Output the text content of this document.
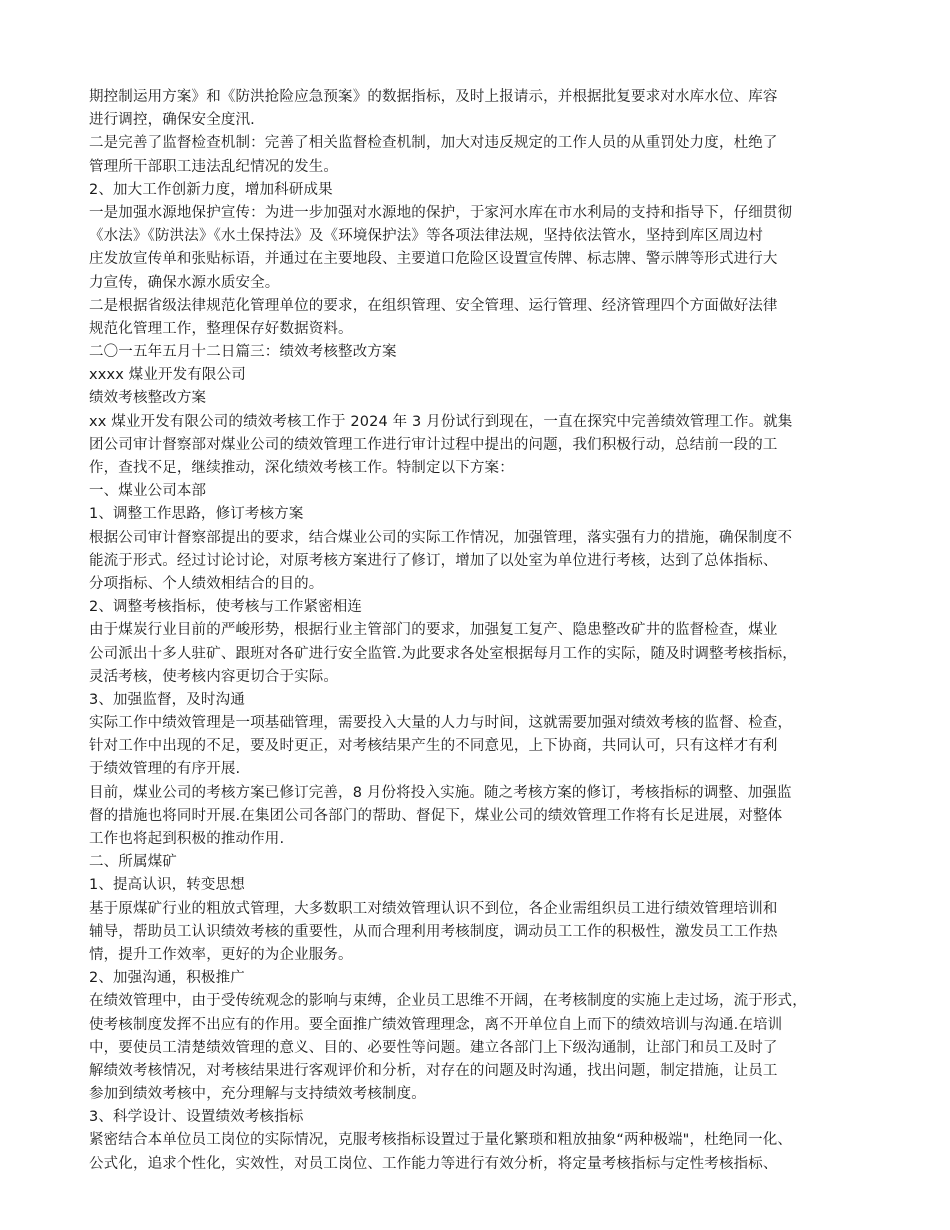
期控制运用方案》和《防洪抢险应急预案》的数据指标，及时上报请示，并根据批复要求对水库水位、库容
进行调控，确保安全度汛.
二是完善了监督检查机制：完善了相关监督检查机制，加大对违反规定的工作人员的从重罚处力度，杜绝了
管理所干部职工违法乱纪情况的发生。
2、加大工作创新力度，增加科研成果
一是加强水源地保护宣传：为进一步加强对水源地的保护，于家河水库在市水利局的支持和指导下，仔细贯彻
《水法》《防洪法》《水土保持法》及《环境保护法》等各项法律法规，坚持依法管水，坚持到库区周边村
庄发放宣传单和张贴标语，并通过在主要地段、主要道口危险区设置宣传牌、标志牌、警示牌等形式进行大
力宣传，确保水源水质安全。
二是根据省级法律规范化管理单位的要求，在组织管理、安全管理、运行管理、经济管理四个方面做好法律
规范化管理工作，整理保存好数据资料。
二〇一五年五月十二日篇三：绩效考核整改方案
xxxx 煤业开发有限公司
绩效考核整改方案
xx 煤业开发有限公司的绩效考核工作于 2024 年 3 月份试行到现在，一直在探究中完善绩效管理工作。就集
团公司审计督察部对煤业公司的绩效管理工作进行审计过程中提出的问题，我们积极行动，总结前一段的工
作，查找不足，继续推动，深化绩效考核工作。特制定以下方案：
一、煤业公司本部
1、调整工作思路，修订考核方案
根据公司审计督察部提出的要求，结合煤业公司的实际工作情况，加强管理，落实强有力的措施，确保制度不
能流于形式。经过讨论讨论，对原考核方案进行了修订，增加了以处室为单位进行考核，达到了总体指标、
分项指标、个人绩效相结合的目的。
2、调整考核指标，使考核与工作紧密相连
由于煤炭行业目前的严峻形势，根据行业主管部门的要求，加强复工复产、隐患整改矿井的监督检查，煤业
公司派出十多人驻矿、跟班对各矿进行安全监管.为此要求各处室根据每月工作的实际，随及时调整考核指标，
灵活考核，使考核内容更切合于实际。
3、加强监督，及时沟通
实际工作中绩效管理是一项基础管理，需要投入大量的人力与时间，这就需要加强对绩效考核的监督、检查，
针对工作中出现的不足，要及时更正，对考核结果产生的不同意见，上下协商，共同认可，只有这样才有利
于绩效管理的有序开展.
目前，煤业公司的考核方案已修订完善，8 月份将投入实施。随之考核方案的修订，考核指标的调整、加强监
督的措施也将同时开展.在集团公司各部门的帮助、督促下，煤业公司的绩效管理工作将有长足进展，对整体
工作也将起到积极的推动作用.
二、所属煤矿
1、提高认识，转变思想
基于原煤矿行业的粗放式管理，大多数职工对绩效管理认识不到位，各企业需组织员工进行绩效管理培训和
辅导，帮助员工认识绩效考核的重要性，从而合理利用考核制度，调动员工工作的积极性，激发员工工作热
情，提升工作效率，更好的为企业服务。
2、加强沟通，积极推广
在绩效管理中，由于受传统观念的影响与束缚，企业员工思维不开阔，在考核制度的实施上走过场，流于形式，
使考核制度发挥不出应有的作用。要全面推广绩效管理理念，离不开单位自上而下的绩效培训与沟通.在培训
中，要使员工清楚绩效管理的意义、目的、必要性等问题。建立各部门上下级沟通制，让部门和员工及时了
解绩效考核情况，对考核结果进行客观评价和分析，对存在的问题及时沟通，找出问题，制定措施，让员工
参加到绩效考核中，充分理解与支持绩效考核制度。
3、科学设计、设置绩效考核指标
紧密结合本单位员工岗位的实际情况，克服考核指标设置过于量化繁琐和粗放抽象“两种极端"，杜绝同一化、
公式化，追求个性化，实效性，对员工岗位、工作能力等进行有效分析，将定量考核指标与定性考核指标、
